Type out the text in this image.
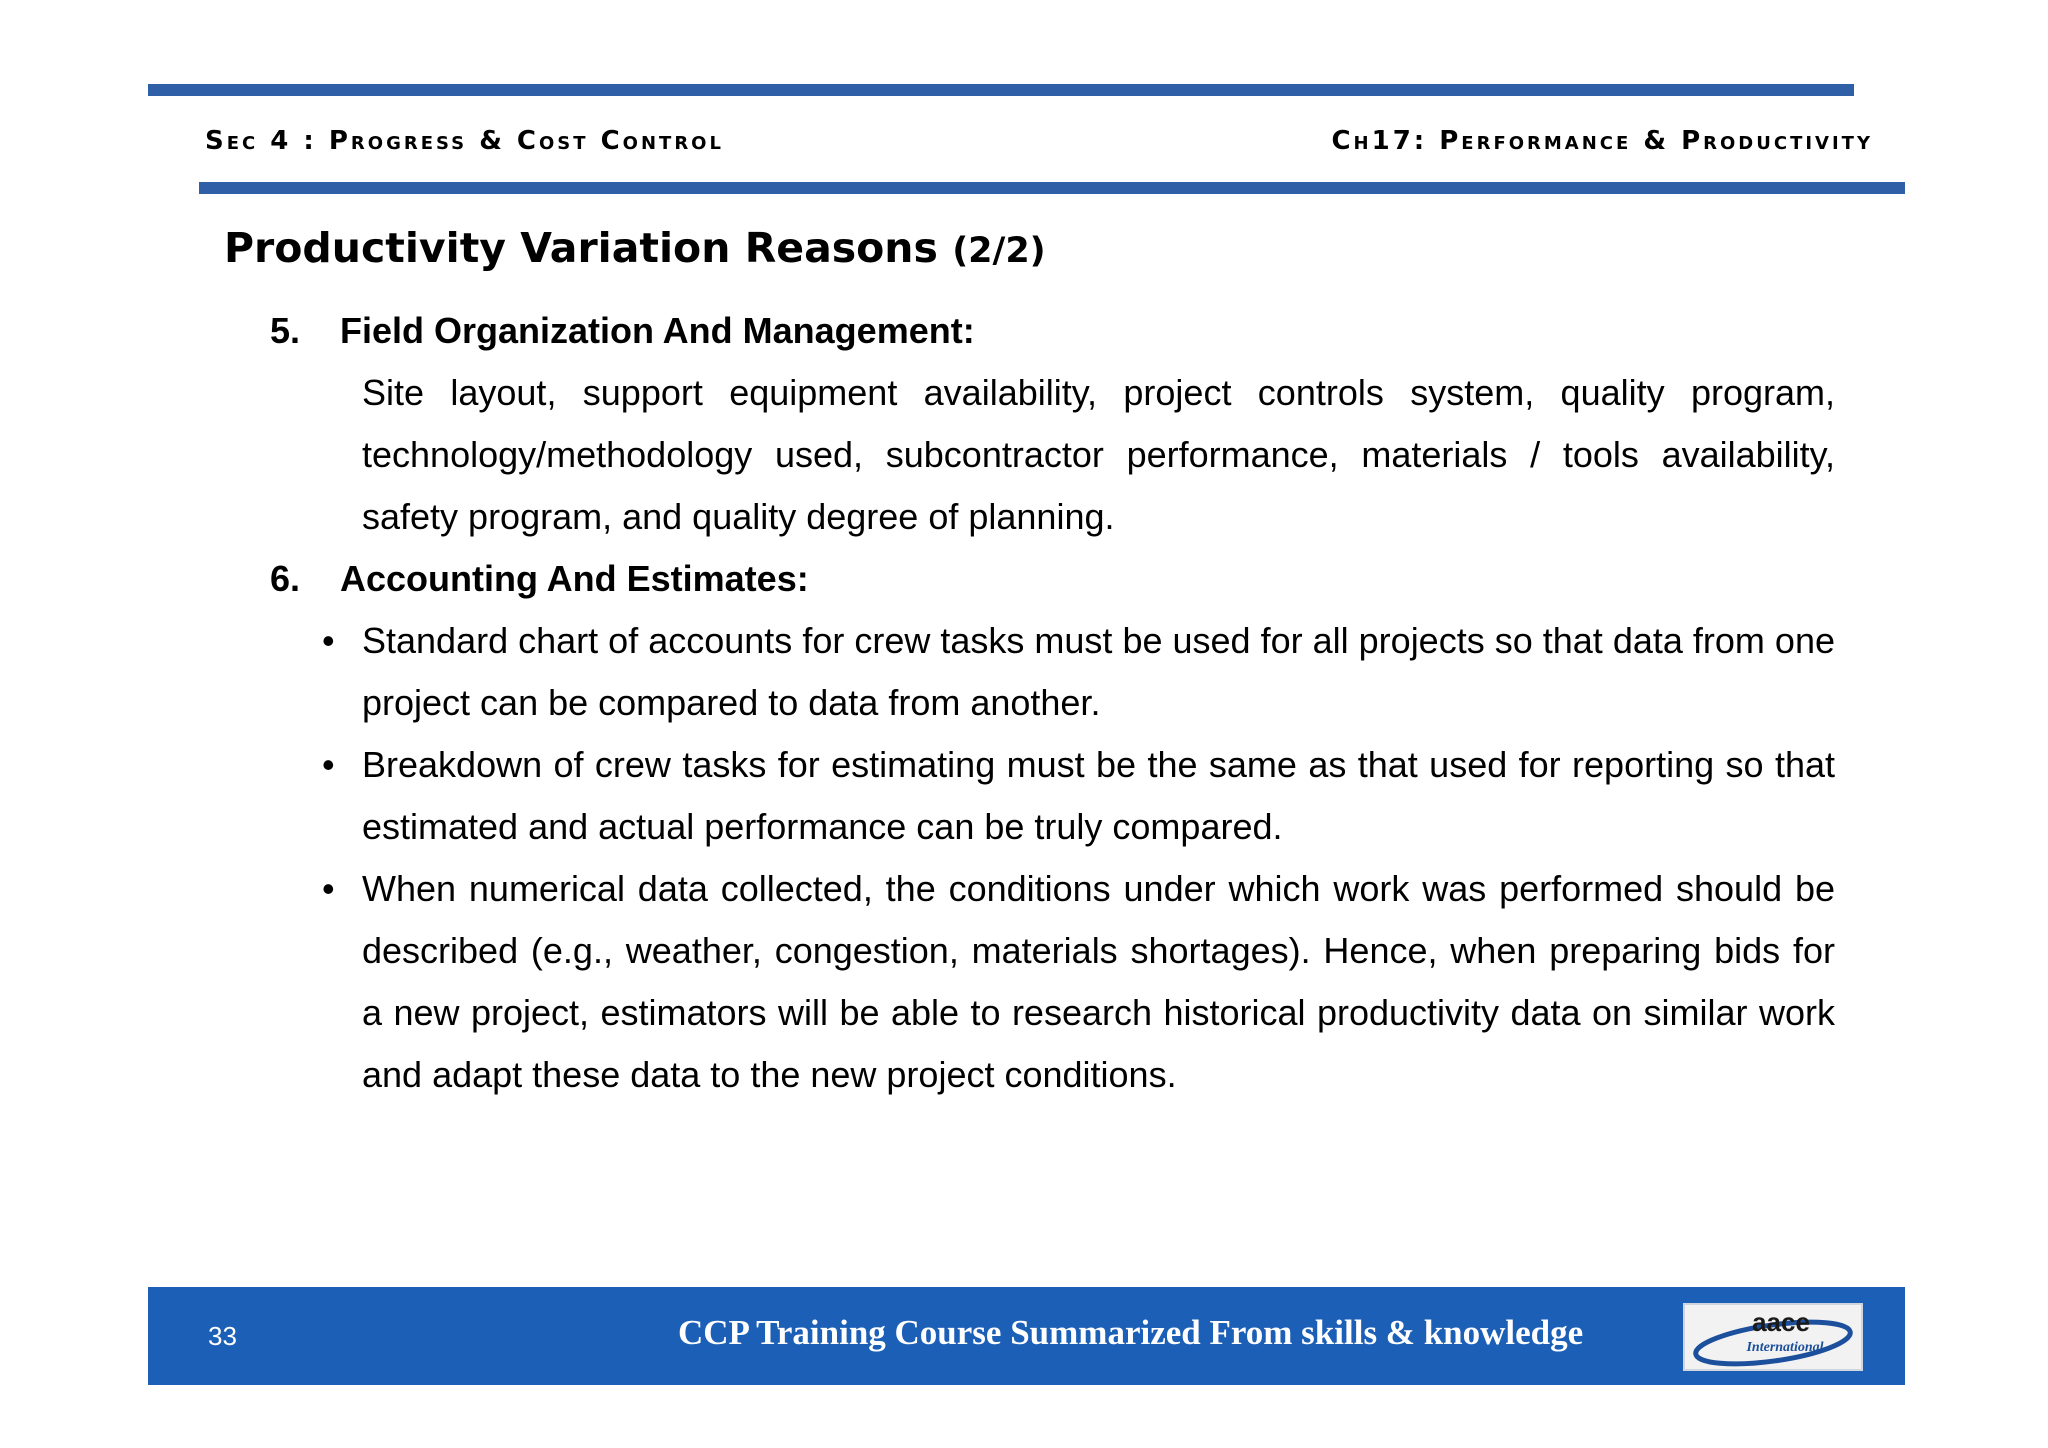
Sec 4 : Progress & Cost Control	Ch17: Performance & Productivity
Productivity Variation Reasons (2/2)
5.	Field Organization And Management:
Site layout, support equipment availability, project controls system, quality program, technology/methodology used, subcontractor performance, materials / tools availability, safety program, and quality degree of planning.
6.	Accounting And Estimates:
• Standard chart of accounts for crew tasks must be used for all projects so that data from one project can be compared to data from another.
• Breakdown of crew tasks for estimating must be the same as that used for reporting so that estimated and actual performance can be truly compared.
• When numerical data collected, the conditions under which work was performed should be described (e.g., weather, congestion, materials shortages). Hence, when preparing bids for a new project, estimators will be able to research historical productivity data on similar work and adapt these data to the new project conditions.
33	CCP Training Course Summarized From skills & knowledge	aace
International
